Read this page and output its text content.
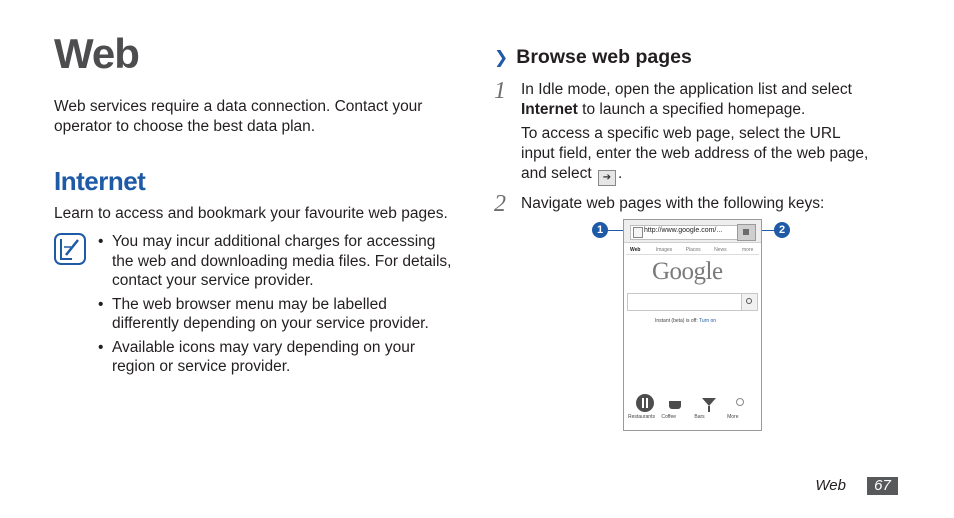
Web
Web services require a data connection. Contact your operator to choose the best data plan.
Internet
Learn to access and bookmark your favourite web pages.
• You may incur additional charges for accessing the web and downloading media files. For details, contact your service provider.
• The web browser menu may be labelled differently depending on your service provider.
• Available icons may vary depending on your region or service provider.
❯ Browse web pages
1 In Idle mode, open the application list and select
Internet to launch a specified homepage.
To access a specific web page, select the URL input field, enter the web address of the web page, and select ➔ .
2 Navigate web pages with the following keys:
1	2
http://www.google.com/...
Web	Images	Places	News	more
Google
Instant (beta) is off: Turn on
Restaurants Coffee	Bars	More
Web	67
